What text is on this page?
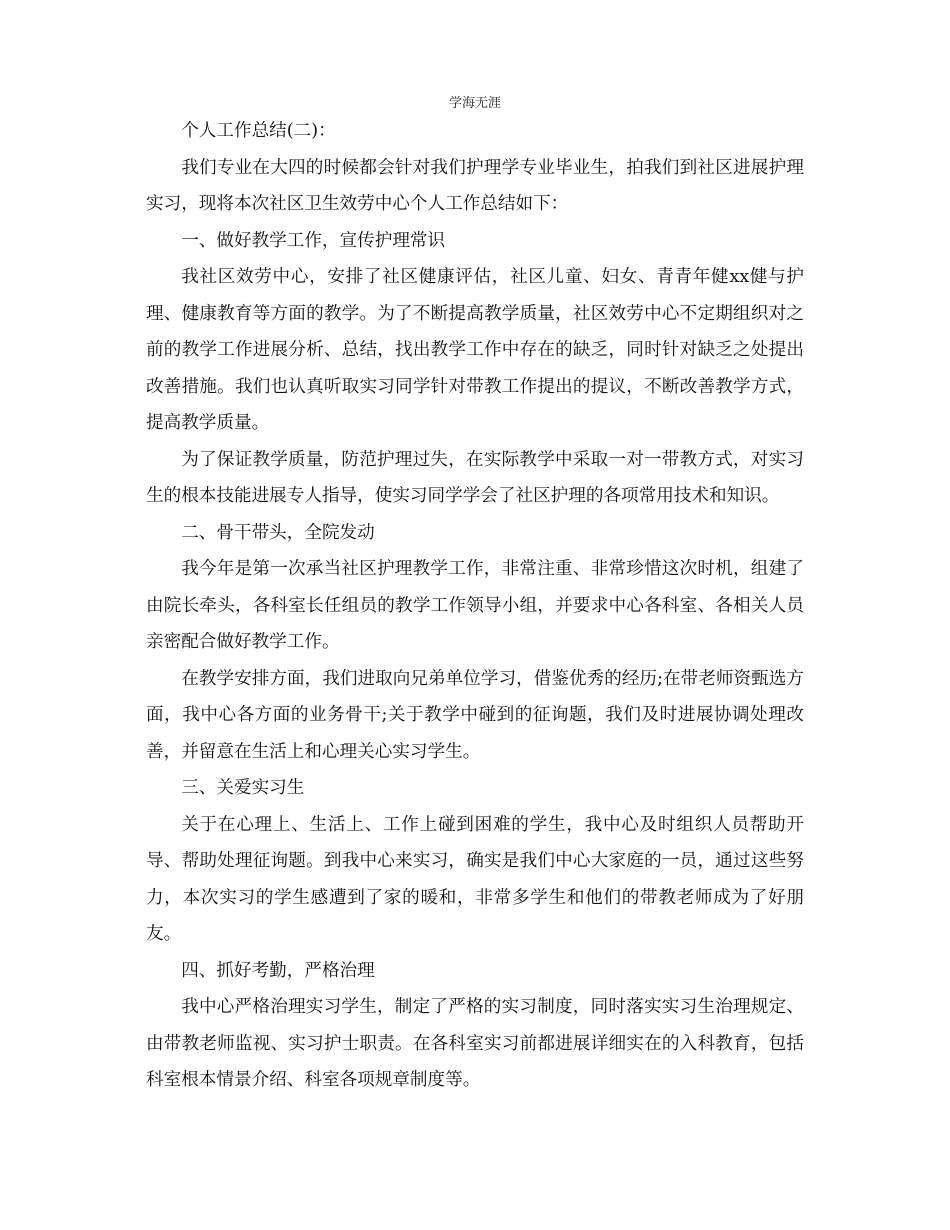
学海无涯

个人工作总结(二)：

我们专业在大四的时候都会针对我们护理学专业毕业生，拍我们到社区进展护理实习，现将本次社区卫生效劳中心个人工作总结如下：

一、做好教学工作，宣传护理常识

我社区效劳中心，安排了社区健康评估，社区儿童、妇女、青青年健xx健与护理、健康教育等方面的教学。为了不断提高教学质量，社区效劳中心不定期组织对之前的教学工作进展分析、总结，找出教学工作中存在的缺乏，同时针对缺乏之处提出改善措施。我们也认真听取实习同学针对带教工作提出的提议，不断改善教学方式，提高教学质量。

为了保证教学质量，防范护理过失，在实际教学中采取一对一带教方式，对实习生的根本技能进展专人指导，使实习同学学会了社区护理的各项常用技术和知识。

二、骨干带头，全院发动

我今年是第一次承当社区护理教学工作，非常注重、非常珍惜这次时机，组建了由院长牵头，各科室长任组员的教学工作领导小组，并要求中心各科室、各相关人员亲密配合做好教学工作。

在教学安排方面，我们进取向兄弟单位学习，借鉴优秀的经历;在带老师资甄选方面，我中心各方面的业务骨干;关于教学中碰到的征询题，我们及时进展协调处理改善，并留意在生活上和心理关心实习学生。

三、关爱实习生

关于在心理上、生活上、工作上碰到困难的学生，我中心及时组织人员帮助开导、帮助处理征询题。到我中心来实习，确实是我们中心大家庭的一员，通过这些努力，本次实习的学生感遭到了家的暖和，非常多学生和他们的带教老师成为了好朋友。

四、抓好考勤，严格治理

我中心严格治理实习学生，制定了严格的实习制度，同时落实实习生治理规定、由带教老师监视、实习护士职责。在各科室实习前都进展详细实在的入科教育，包括科室根本情景介绍、科室各项规章制度等。
